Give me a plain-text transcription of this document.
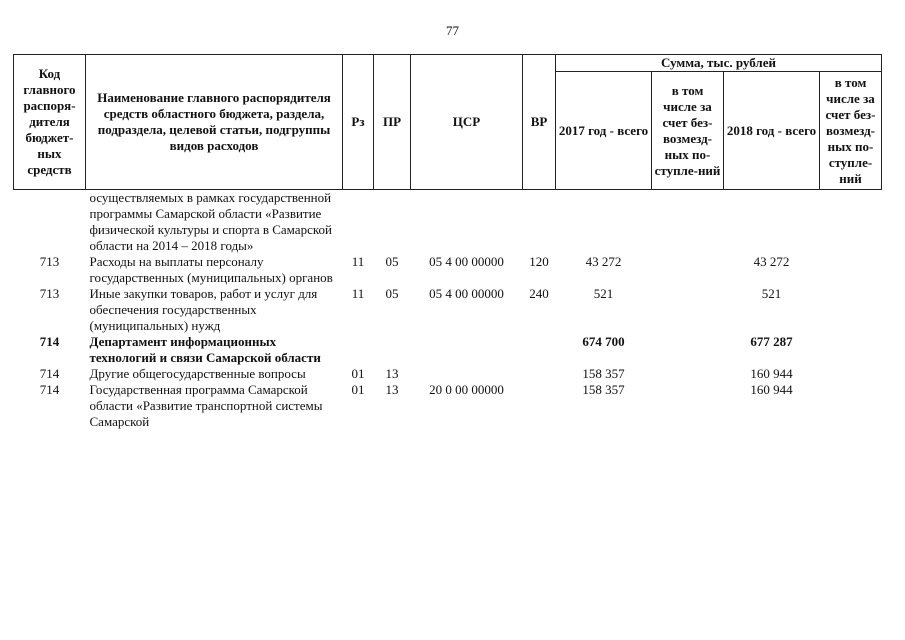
77
Код главного распоря-дителя бюджет-ных средств	Наименование главного распорядителя средств областного бюджета, раздела, подраздела, целевой статьи, подгруппы видов расходов	Рз	ПР	ЦСР	ВР	Сумма, тыс. рублей			
						2017 год - всего	в том числе за счет без-возмезд-ных по-ступле-ний	2018 год - всего	в том числе за счет без-возмезд-ных по-ступле-ний
	осуществляемых в рамках государственной программы Самарской области «Развитие физической культуры и спорта в Самарской области на 2014 – 2018 годы»								
713	Расходы на выплаты персоналу государственных (муниципальных) органов	11	05	05 4 00 00000	120	43 272		43 272	
713	Иные закупки товаров, работ и услуг для обеспечения государственных (муниципальных) нужд	11	05	05 4 00 00000	240	521		521	
714	Департамент информационных технологий и связи Самарской области					674 700		677 287	
714	Другие общегосударственные вопросы	01	13			158 357		160 944	
714	Государственная программа Самарской области «Развитие транспортной системы Самарской	01	13	20 0 00 00000		158 357		160 944	
